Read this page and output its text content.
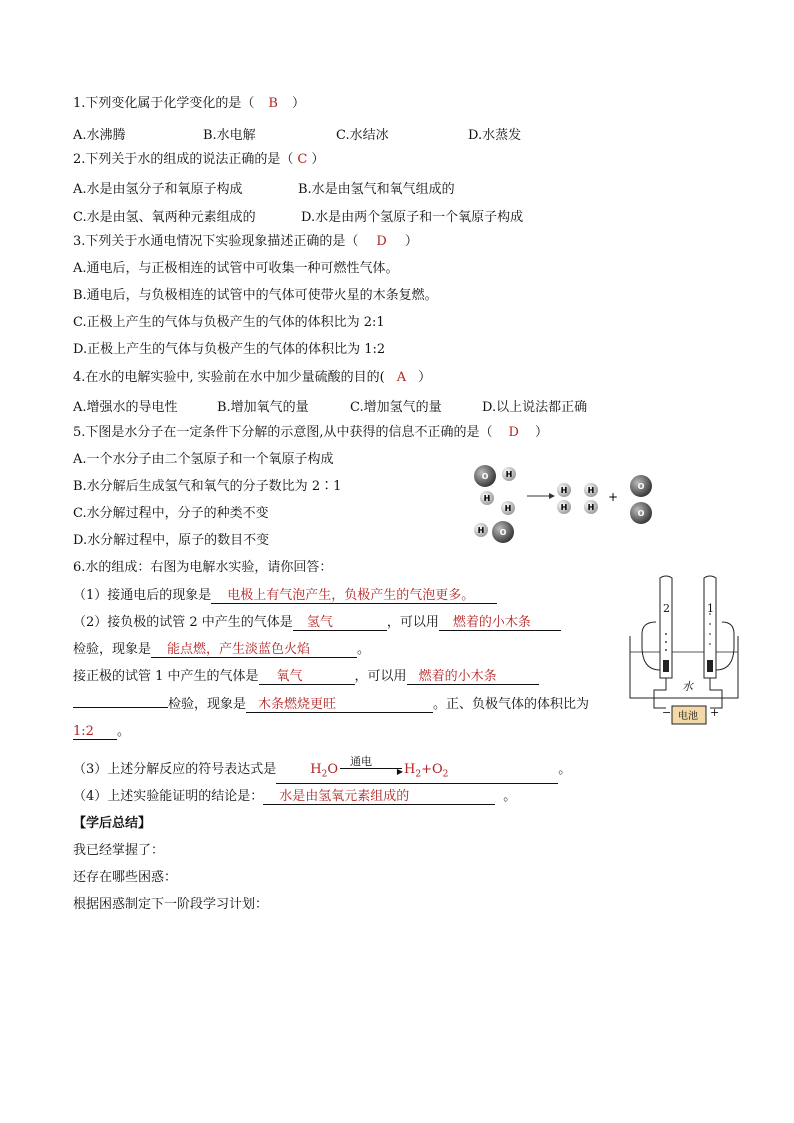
1.下列变化属于化学变化的是（ B ）
A.水沸腾	B.水电解	C.水结冰	D.水蒸发
2.下列关于水的组成的说法正确的是（ C ）
A.水是由氢分子和氧原子构成	B.水是由氢气和氧气组成的
C.水是由氢、氧两种元素组成的	D.水是由两个氢原子和一个氧原子构成
3.下列关于水通电情况下实验现象描述正确的是（ D ）
A.通电后，与正极相连的试管中可收集一种可燃性气体。
B.通电后，与负极相连的试管中的气体可使带火星的木条复燃。
C.正极上产生的气体与负极产生的气体的体积比为 2:1
D.正极上产生的气体与负极产生的气体的体积比为 1:2
4.在水的电解实验中, 实验前在水中加少量硫酸的目的( A ）
A.增强水的导电性	B.增加氧气的量	C.增加氢气的量	D.以上说法都正确
5.下图是水分子在一定条件下分解的示意图,从中获得的信息不正确的是（ D ）
A.一个水分子由二个氢原子和一个氧原子构成
B.水分解后生成氢气和氧气的分子数比为 2∶1
C.水分解过程中，分子的种类不变
D.水分解过程中，原子的数目不变
O H
H
H
H O
H
H
H
H
+
O
O
6.水的组成：右图为电解水实验，请你回答：
（1）接通电后的现象是 电极上有气泡产生，负极产生的气泡更多。
（2）接负极的试管 2 中产生的气体是 氢气	，可以用 燃着的小木条
检验，现象是 能点燃，产生淡蓝色火焰	。
接正极的试管 1 中产生的气体是 氧气	，可以用 燃着的小木条
检验，现象是 木条燃烧更旺	。正、负极气体的体积比为
1:2 。
（3）上述分解反应的符号表达式是	$H_2O$
通电
▶ $H_2+O_2$	。
（4）上述实验能证明的结论是： 水是由氢氧元素组成的	。
2	1
水
−	+
电池
【学后总结】
我已经掌握了：
还存在哪些困惑：
根据困惑制定下一阶段学习计划：
